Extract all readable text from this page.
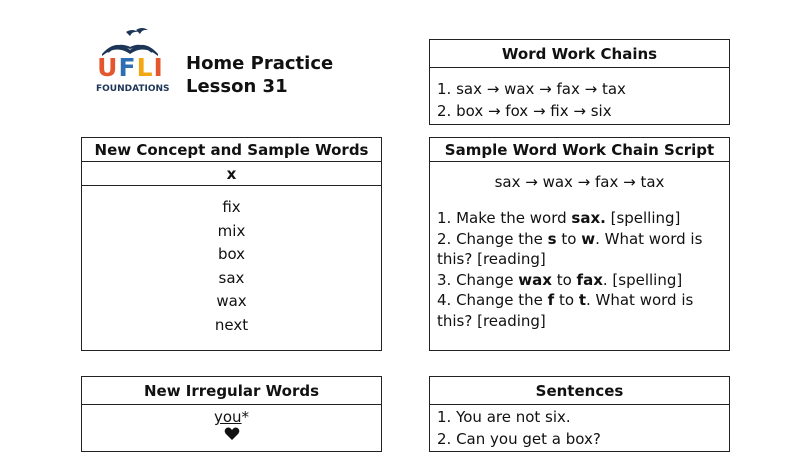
U F L I
FOUNDATIONS
Home Practice
Lesson 31
New Concept and Sample Words
x
fix
mix
box
sax
wax
next
New Irregular Words
you*
Word Work Chains
1. sax → wax → fax → tax
2. box → fox → fix → six
Sample Word Work Chain Script
sax → wax → fax → tax
1. Make the word sax. [spelling]
2. Change the s to w. What word is this? [reading]
3. Change wax to fax. [spelling]
4. Change the f to t. What word is this? [reading]
Sentences
1. You are not six.
2. Can you get a box?
